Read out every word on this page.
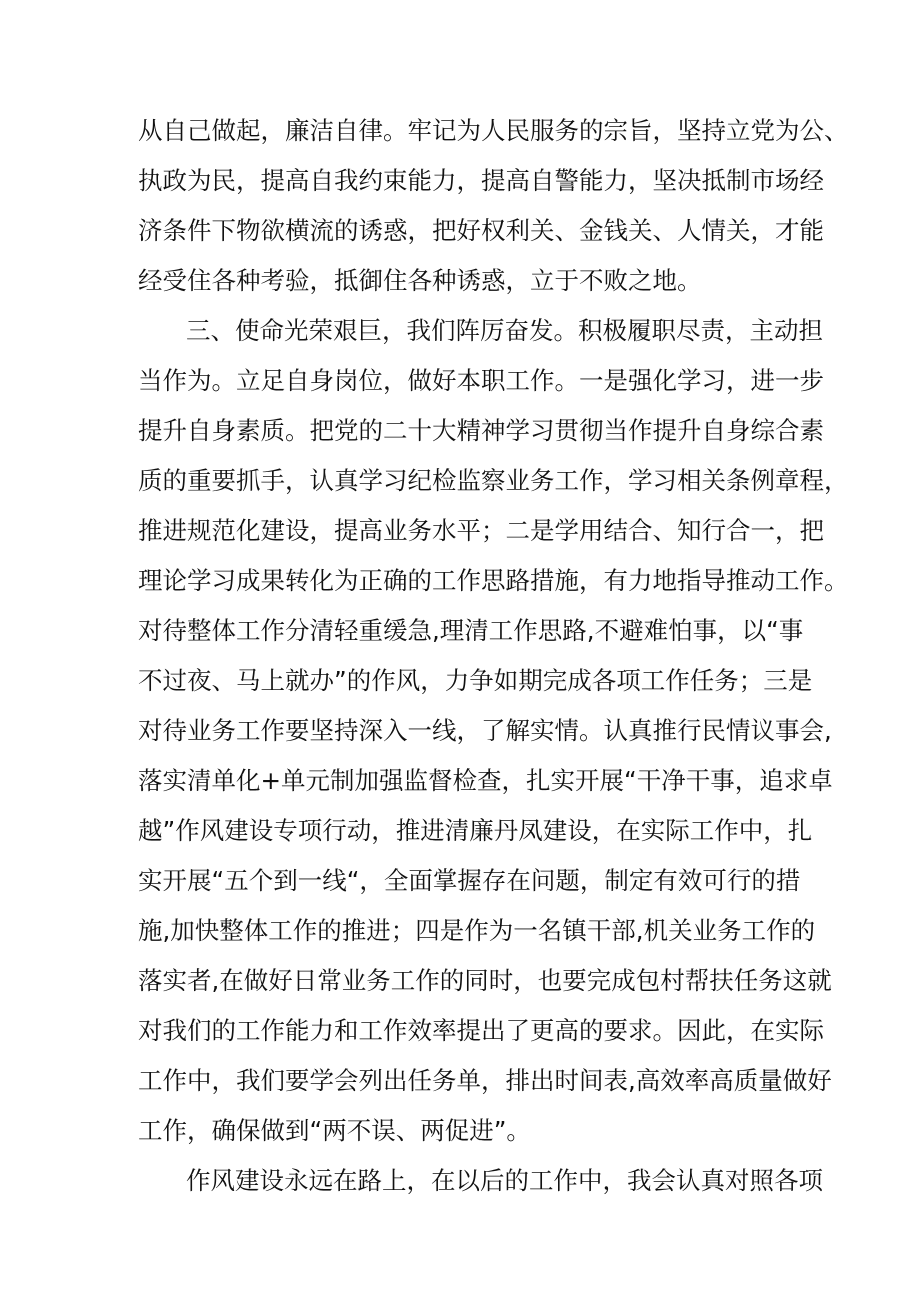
从自己做起，廉洁自律。牢记为人民服务的宗旨，坚持立党为公、

执政为民，提高自我约束能力，提高自警能力，坚决抵制市场经

济条件下物欲横流的诱惑，把好权利关、金钱关、人情关，才能

经受住各种考验，抵御住各种诱惑，立于不败之地。

三、使命光荣艰巨，我们阵厉奋发。积极履职尽责，主动担

当作为。立足自身岗位，做好本职工作。一是强化学习，进一步

提升自身素质。把党的二十大精神学习贯彻当作提升自身综合素

质的重要抓手，认真学习纪检监察业务工作，学习相关条例章程，

推进规范化建设，提高业务水平；二是学用结合、知行合一，把

理论学习成果转化为正确的工作思路措施，有力地指导推动工作。

对待整体工作分清轻重缓急,理清工作思路,不避难怕事，以“事

不过夜、马上就办”的作风，力争如期完成各项工作任务；三是

对待业务工作要坚持深入一线，了解实情。认真推行民情议事会,

落实清单化+单元制加强监督检查，扎实开展“干净干事，追求卓

越”作风建设专项行动，推进清廉丹凤建设，在实际工作中，扎

实开展“五个到一线“，全面掌握存在问题，制定有效可行的措

施,加快整体工作的推进；四是作为一名镇干部,机关业务工作的

落实者,在做好日常业务工作的同时，也要完成包村帮扶任务这就

对我们的工作能力和工作效率提出了更高的要求。因此，在实际

工作中，我们要学会列出任务单，排出时间表,高效率高质量做好

工作，确保做到“两不误、两促进”。

作风建设永远在路上，在以后的工作中，我会认真对照各项
